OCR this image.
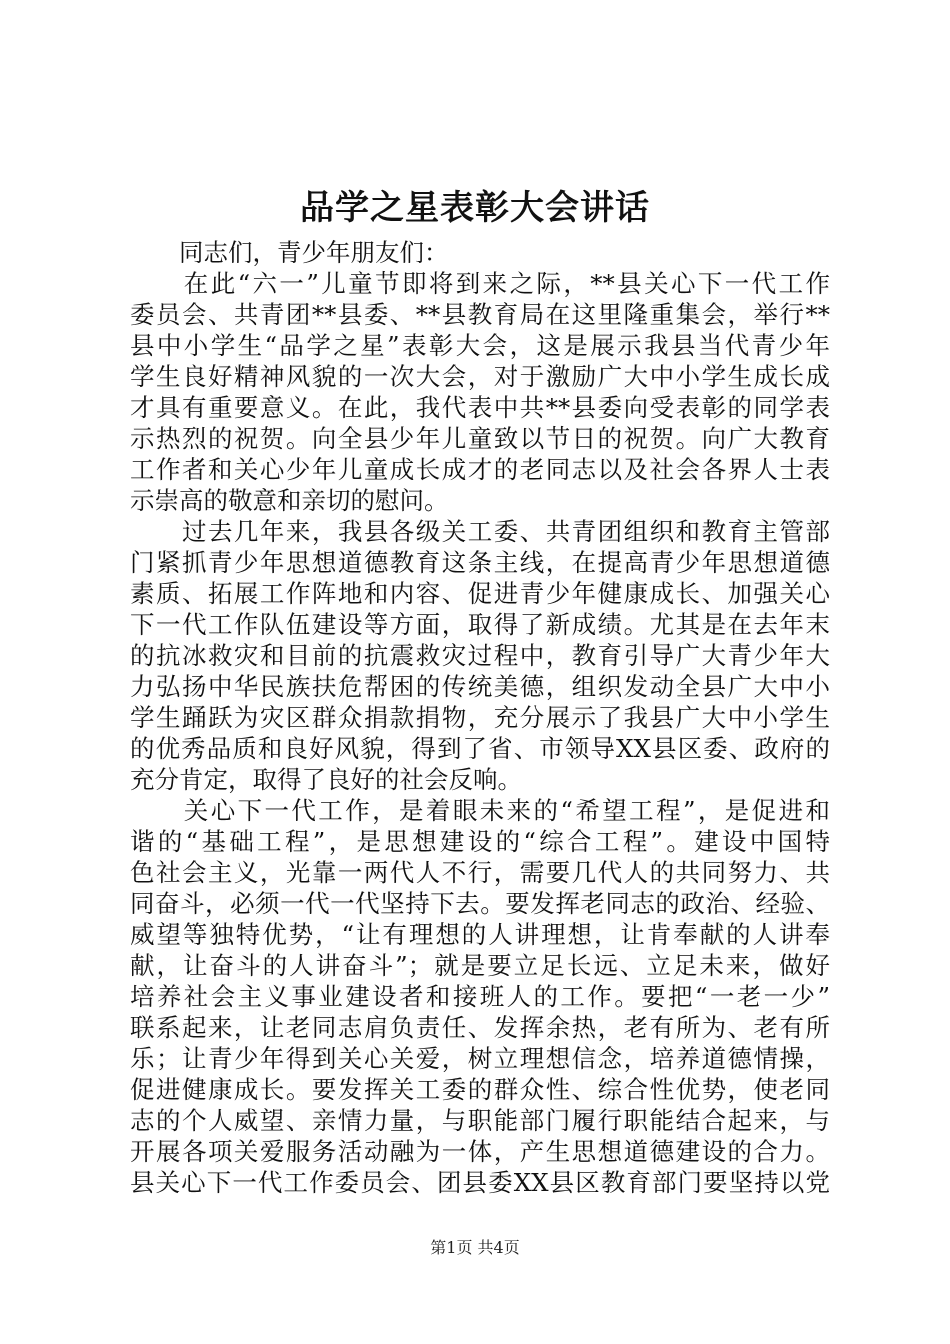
品学之星表彰大会讲话
　　同志们，青少年朋友们：
　　在此“六一”儿童节即将到来之际，**县关心下一代工作
委员会、共青团**县委、**县教育局在这里隆重集会，举行**
县中小学生“品学之星”表彰大会，这是展示我县当代青少年
学生良好精神风貌的一次大会，对于激励广大中小学生成长成
才具有重要意义。在此，我代表中共**县委向受表彰的同学表
示热烈的祝贺。向全县少年儿童致以节日的祝贺。向广大教育
工作者和关心少年儿童成长成才的老同志以及社会各界人士表
示崇高的敬意和亲切的慰问。
　　过去几年来，我县各级关工委、共青团组织和教育主管部
门紧抓青少年思想道德教育这条主线，在提高青少年思想道德
素质、拓展工作阵地和内容、促进青少年健康成长、加强关心
下一代工作队伍建设等方面，取得了新成绩。尤其是在去年末
的抗冰救灾和目前的抗震救灾过程中，教育引导广大青少年大
力弘扬中华民族扶危帮困的传统美德，组织发动全县广大中小
学生踊跃为灾区群众捐款捐物，充分展示了我县广大中小学生
的优秀品质和良好风貌，得到了省、市领导XX县区委、政府的
充分肯定，取得了良好的社会反响。
　　关心下一代工作，是着眼未来的“希望工程”，是促进和
谐的“基础工程”，是思想建设的“综合工程”。建设中国特
色社会主义，光靠一两代人不行，需要几代人的共同努力、共
同奋斗，必须一代一代坚持下去。要发挥老同志的政治、经验、
威望等独特优势，“让有理想的人讲理想，让肯奉献的人讲奉
献，让奋斗的人讲奋斗”；就是要立足长远、立足未来，做好
培养社会主义事业建设者和接班人的工作。要把“一老一少”
联系起来，让老同志肩负责任、发挥余热，老有所为、老有所
乐；让青少年得到关心关爱，树立理想信念，培养道德情操，
促进健康成长。要发挥关工委的群众性、综合性优势，使老同
志的个人威望、亲情力量，与职能部门履行职能结合起来，与
开展各项关爱服务活动融为一体，产生思想道德建设的合力。
县关心下一代工作委员会、团县委XX县区教育部门要坚持以党
第1页 共4页
